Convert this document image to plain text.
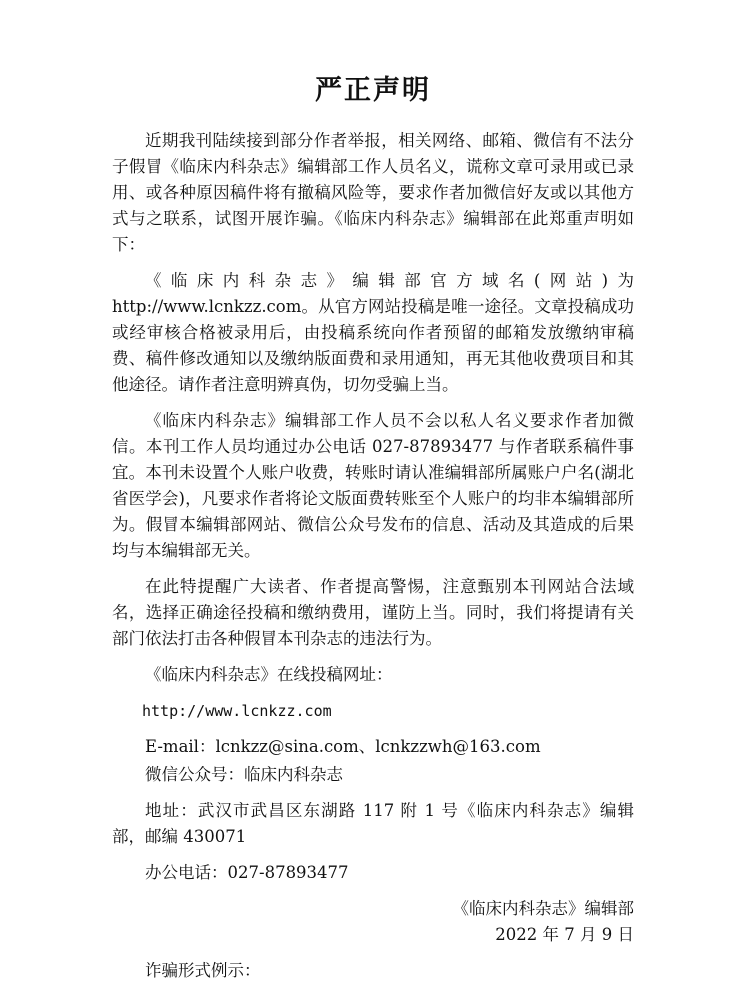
严正声明

近期我刊陆续接到部分作者举报，相关网络、邮箱、微信有不法分子假冒《临床内科杂志》编辑部工作人员名义，谎称文章可录用或已录用、或各种原因稿件将有撤稿风险等，要求作者加微信好友或以其他方式与之联系，试图开展诈骗。《临床内科杂志》编辑部在此郑重声明如下：

《临床内科杂志》编辑部官方域名(网站)为http://www.lcnkzz.com。从官方网站投稿是唯一途径。文章投稿成功或经审核合格被录用后，由投稿系统向作者预留的邮箱发放缴纳审稿费、稿件修改通知以及缴纳版面费和录用通知，再无其他收费项目和其他途径。请作者注意明辨真伪，切勿受骗上当。

《临床内科杂志》编辑部工作人员不会以私人名义要求作者加微信。本刊工作人员均通过办公电话 027-87893477 与作者联系稿件事宜。本刊未设置个人账户收费，转账时请认准编辑部所属账户户名(湖北省医学会)，凡要求作者将论文版面费转账至个人账户的均非本编辑部所为。假冒本编辑部网站、微信公众号发布的信息、活动及其造成的后果均与本编辑部无关。

在此特提醒广大读者、作者提高警惕，注意甄别本刊网站合法域名，选择正确途径投稿和缴纳费用，谨防上当。同时，我们将提请有关部门依法打击各种假冒本刊杂志的违法行为。

《临床内科杂志》在线投稿网址：

http://www.lcnkzz.com

E-mail：lcnkzz@sina.com、lcnkzzwh@163.com

微信公众号：临床内科杂志

地址：武汉市武昌区东湖路 117 附 1 号《临床内科杂志》编辑部，邮编 430071

办公电话：027-87893477

《临床内科杂志》编辑部

2022 年 7 月 9 日

诈骗形式例示：
